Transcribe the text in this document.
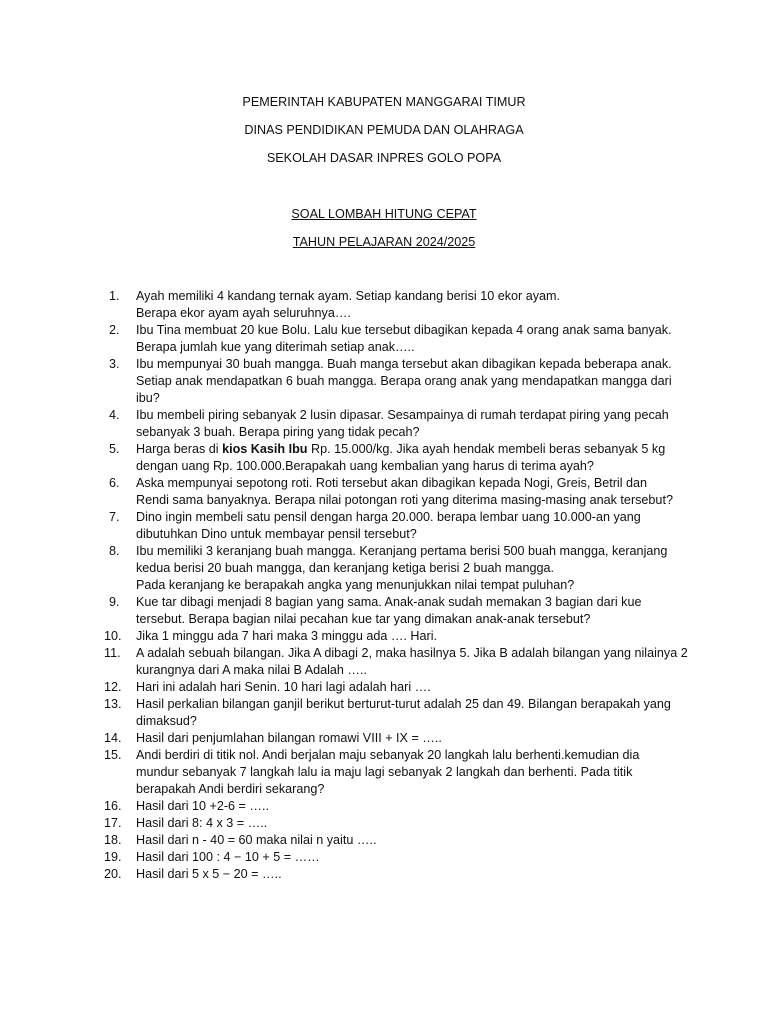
PEMERINTAH KABUPATEN MANGGARAI TIMUR
DINAS PENDIDIKAN PEMUDA DAN OLAHRAGA
SEKOLAH DASAR INPRES GOLO POPA
SOAL LOMBAH HITUNG CEPAT
TAHUN PELAJARAN 2024/2025
1.	Ayah memiliki 4 kandang ternak ayam. Setiap kandang berisi 10 ekor ayam.
Berapa ekor ayam ayah seluruhnya….
2.	Ibu Tina membuat 20 kue Bolu. Lalu kue tersebut dibagikan kepada 4 orang anak sama banyak.
Berapa jumlah kue yang diterimah setiap anak…..
3.	Ibu mempunyai 30 buah mangga. Buah manga tersebut akan dibagikan kepada beberapa anak.
Setiap anak mendapatkan 6 buah mangga. Berapa orang anak yang mendapatkan mangga dari
ibu?
4.	Ibu membeli piring sebanyak 2 lusin dipasar. Sesampainya di rumah terdapat piring yang pecah
sebanyak 3 buah. Berapa piring yang tidak pecah?
5.	Harga beras di kios Kasih Ibu Rp. 15.000/kg. Jika ayah hendak membeli beras sebanyak 5 kg
dengan uang Rp. 100.000.Berapakah uang kembalian yang harus di terima ayah?
6.	Aska mempunyai sepotong roti. Roti tersebut akan dibagikan kepada Nogi, Greis, Betril dan
Rendi sama banyaknya. Berapa nilai potongan roti yang diterima masing-masing anak tersebut?
7.	Dino ingin membeli satu pensil dengan harga 20.000. berapa lembar uang 10.000-an yang
dibutuhkan Dino untuk membayar pensil tersebut?
8.	Ibu memiliki 3 keranjang buah mangga. Keranjang pertama berisi 500 buah mangga, keranjang
kedua berisi 20 buah mangga, dan keranjang ketiga berisi 2 buah mangga.
Pada keranjang ke berapakah angka yang menunjukkan nilai tempat puluhan?
9.	Kue tar dibagi menjadi 8 bagian yang sama. Anak-anak sudah memakan 3 bagian dari kue
tersebut. Berapa bagian nilai pecahan kue tar yang dimakan anak-anak tersebut?
10.	Jika 1 minggu ada 7 hari maka 3 minggu ada …. Hari.
11.	A adalah sebuah bilangan. Jika A dibagi 2, maka hasilnya 5. Jika B adalah bilangan yang nilainya 2
kurangnya dari A maka nilai B Adalah …..
12.	Hari ini adalah hari Senin. 10 hari lagi adalah hari ….
13.	Hasil perkalian bilangan ganjil berikut berturut-turut adalah 25 dan 49. Bilangan berapakah yang
dimaksud?
14.	Hasil dari penjumlahan bilangan romawi VIII + IX = …..
15.	Andi berdiri di titik nol. Andi berjalan maju sebanyak 20 langkah lalu berhenti.kemudian dia
mundur sebanyak 7 langkah lalu ia maju lagi sebanyak 2 langkah dan berhenti. Pada titik
berapakah Andi berdiri sekarang?
16.	Hasil dari 10 +2-6 = …..
17.	Hasil dari 8: 4 x 3 = …..
18.	Hasil dari n - 40 = 60 maka nilai n yaitu …..
19.	Hasil dari 100 : 4 − 10 + 5 = ……
20.	Hasil dari 5 x 5 − 20 = …..
